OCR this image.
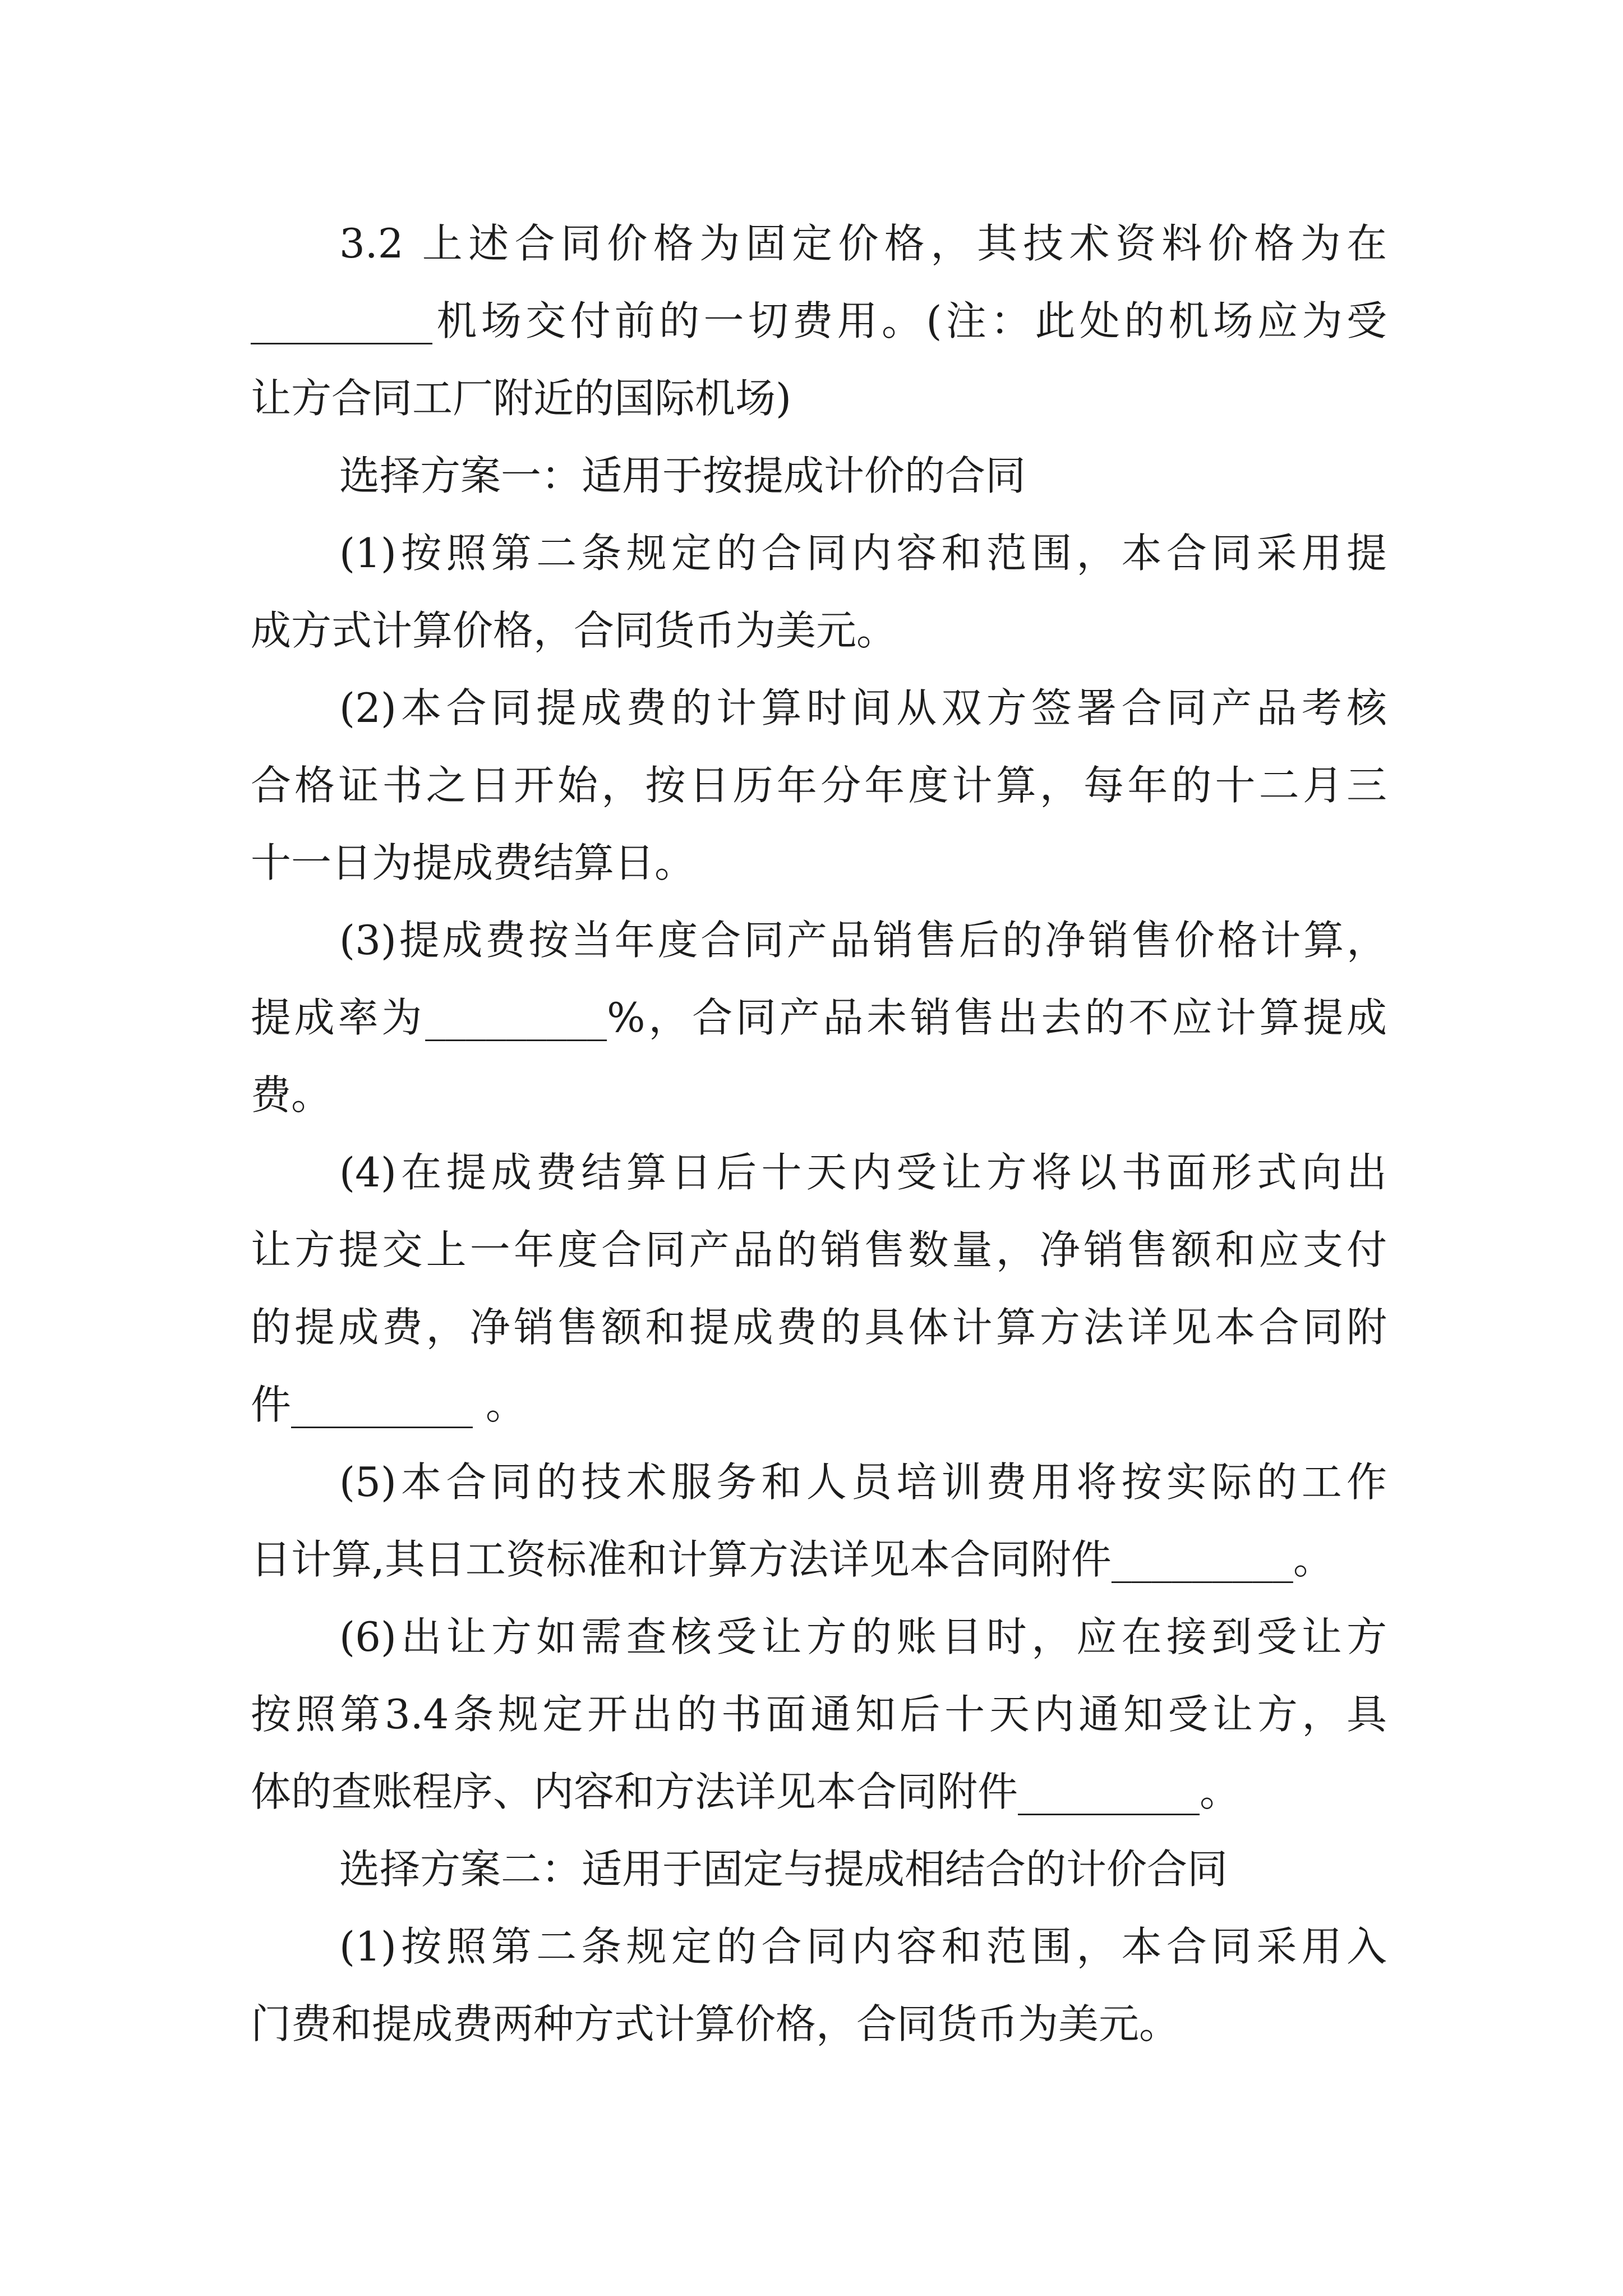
3.2 上述合同价格为固定价格，其技术资料价格为在
_________机场交付前的一切费用。(注：此处的机场应为受
让方合同工厂附近的国际机场)
选择方案一：适用于按提成计价的合同
(1)按照第二条规定的合同内容和范围，本合同采用提
成方式计算价格，合同货币为美元。
(2)本合同提成费的计算时间从双方签署合同产品考核
合格证书之日开始，按日历年分年度计算，每年的十二月三
十一日为提成费结算日。
(3)提成费按当年度合同产品销售后的净销售价格计算，
提成率为_________%，合同产品未销售出去的不应计算提成
费。
(4)在提成费结算日后十天内受让方将以书面形式向出
让方提交上一年度合同产品的销售数量，净销售额和应支付
的提成费，净销售额和提成费的具体计算方法详见本合同附
件_________ 。
(5)本合同的技术服务和人员培训费用将按实际的工作
日计算,其日工资标准和计算方法详见本合同附件_________。
(6)出让方如需查核受让方的账目时，应在接到受让方
按照第3.4条规定开出的书面通知后十天内通知受让方，具
体的查账程序、内容和方法详见本合同附件_________。
选择方案二：适用于固定与提成相结合的计价合同
(1)按照第二条规定的合同内容和范围，本合同采用入
门费和提成费两种方式计算价格，合同货币为美元。
